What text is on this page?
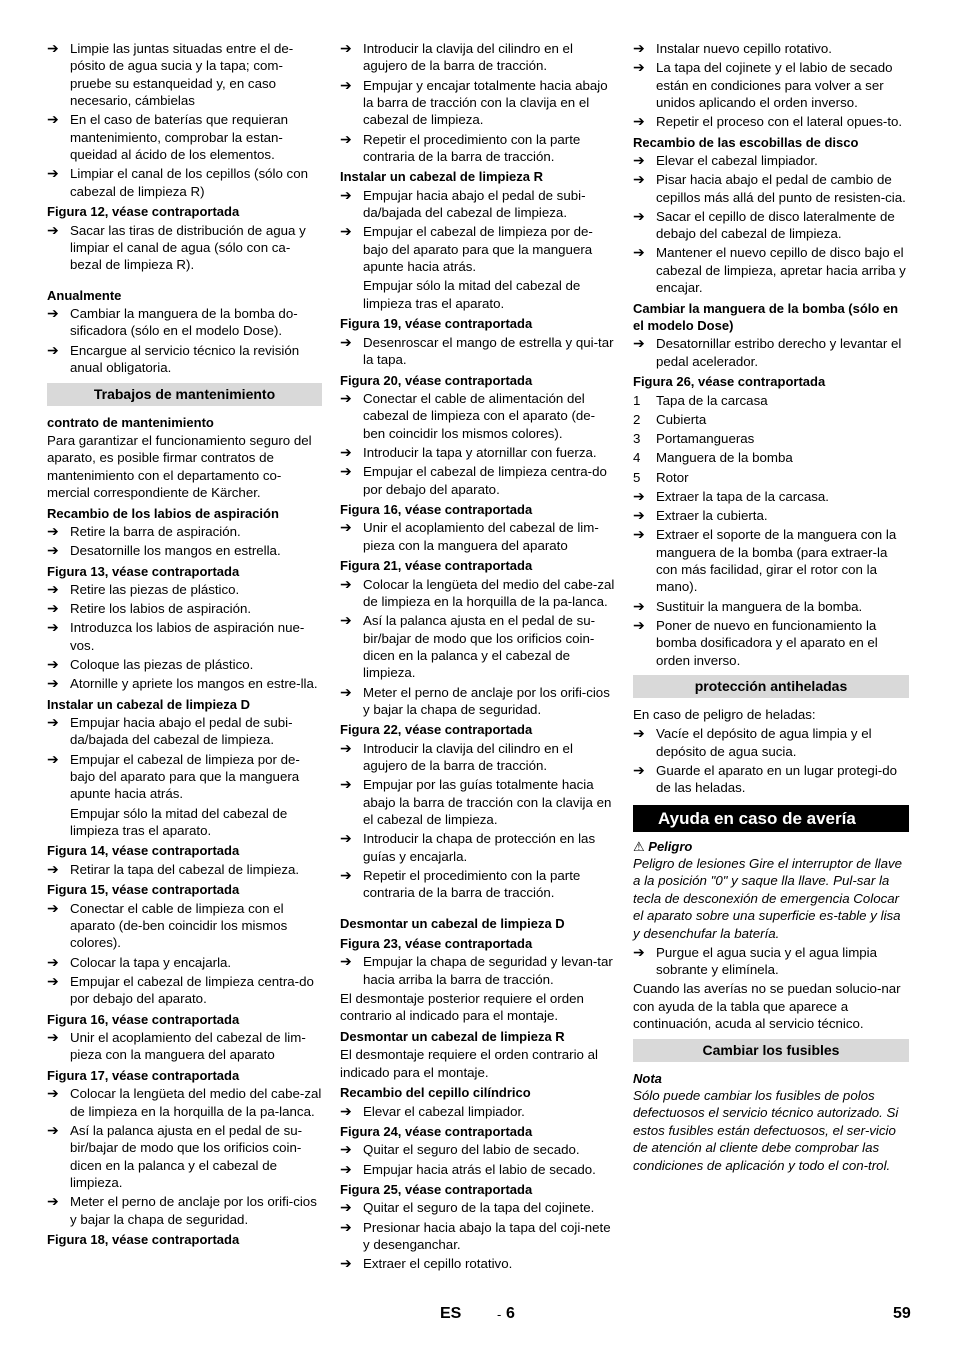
➔ Limpie las juntas situadas entre el de-pósito de agua sucia y la tapa; com-pruebe su estanqueidad y, en caso necesario, cámbielas
➔ En el caso de baterías que requieran mantenimiento, comprobar la estan-queidad al ácido de los elementos.
➔ Limpiar el canal de los cepillos (sólo con cabezal de limpieza R)
Figura 12, véase contraportada
➔ Sacar las tiras de distribución de agua y limpiar el canal de agua (sólo con ca-bezal de limpieza R).
Anualmente
➔ Cambiar la manguera de la bomba do-sificadora (sólo en el modelo Dose).
➔ Encargue al servicio técnico la revisión anual obligatoria.
Trabajos de mantenimiento
contrato de mantenimiento
Para garantizar el funcionamiento seguro del aparato, es posible firmar contratos de mantenimiento con el departamento co-mercial correspondiente de Kärcher.
Recambio de los labios de aspiración
➔ Retire la barra de aspiración.
➔ Desatornille los mangos en estrella.
Figura 13, véase contraportada
➔ Retire las piezas de plástico.
➔ Retire los labios de aspiración.
➔ Introduzca los labios de aspiración nue-vos.
➔ Coloque las piezas de plástico.
➔ Atornille y apriete los mangos en estre-lla.
Instalar un cabezal de limpieza D
➔ Empujar hacia abajo el pedal de subi-da/bajada del cabezal de limpieza.
➔ Empujar el cabezal de limpieza por de-bajo del aparato para que la manguera apunte hacia atrás.
Empujar sólo la mitad del cabezal de limpieza tras el aparato.
Figura 14, véase contraportada
➔ Retirar la tapa del cabezal de limpieza.
Figura 15, véase contraportada
➔ Conectar el cable de limpieza con el aparato (de-ben coincidir los mismos colores).
➔ Colocar la tapa y encajarla.
➔ Empujar el cabezal de limpieza centra-do por debajo del aparato.
Figura 16, véase contraportada
➔ Unir el acoplamiento del cabezal de lim-pieza con la manguera del aparato
Figura 17, véase contraportada
➔ Colocar la lengüeta del medio del cabe-zal de limpieza en la horquilla de la pa-lanca.
➔ Así la palanca ajusta en el pedal de su-bir/bajar de modo que los orificios coin-dicen en la palanca y el cabezal de limpieza.
➔ Meter el perno de anclaje por los orifi-cios y bajar la chapa de seguridad.
Figura 18, véase contraportada
➔ Introducir la clavija del cilindro en el agujero de la barra de tracción.
➔ Empujar y encajar totalmente hacia abajo la barra de tracción con la clavija en el cabezal de limpieza.
➔ Repetir el procedimiento con la parte contraria de la barra de tracción.
Instalar un cabezal de limpieza R
➔ Empujar hacia abajo el pedal de subi-da/bajada del cabezal de limpieza.
➔ Empujar el cabezal de limpieza por de-bajo del aparato para que la manguera apunte hacia atrás.
Empujar sólo la mitad del cabezal de limpieza tras el aparato.
Figura 19, véase contraportada
➔ Desenroscar el mango de estrella y qui-tar la tapa.
Figura 20, véase contraportada
➔ Conectar el cable de alimentación del cabezal de limpieza con el aparato (de-ben coincidir los mismos colores).
➔ Introducir la tapa y atornillar con fuerza.
➔ Empujar el cabezal de limpieza centra-do por debajo del aparato.
Figura 16, véase contraportada
➔ Unir el acoplamiento del cabezal de lim-pieza con la manguera del aparato
Figura 21, véase contraportada
➔ Colocar la lengüeta del medio del cabe-zal de limpieza en la horquilla de la pa-lanca.
➔ Así la palanca ajusta en el pedal de su-bir/bajar de modo que los orificios coin-dicen en la palanca y el cabezal de limpieza.
➔ Meter el perno de anclaje por los orifi-cios y bajar la chapa de seguridad.
Figura 22, véase contraportada
➔ Introducir la clavija del cilindro en el agujero de la barra de tracción.
➔ Empujar por las guías totalmente hacia abajo la barra de tracción con la clavija en el cabezal de limpieza.
➔ Introducir la chapa de protección en las guías y encajarla.
➔ Repetir el procedimiento con la parte contraria de la barra de tracción.
Desmontar un cabezal de limpieza D
Figura 23, véase contraportada
➔ Empujar la chapa de seguridad y levan-tar hacia arriba la barra de tracción.
El desmontaje posterior requiere el orden contrario al indicado para el montaje.
Desmontar un cabezal de limpieza R
El desmontaje requiere el orden contrario al indicado para el montaje.
Recambio del cepillo cilíndrico
➔ Elevar el cabezal limpiador.
Figura 24, véase contraportada
➔ Quitar el seguro del labio de secado.
➔ Empujar hacia atrás el labio de secado.
Figura 25, véase contraportada
➔ Quitar el seguro de la tapa del cojinete.
➔ Presionar hacia abajo la tapa del coji-nete y desenganchar.
➔ Extraer el cepillo rotativo.
➔ Instalar nuevo cepillo rotativo.
➔ La tapa del cojinete y el labio de secado están en condiciones para volver a ser unidos aplicando el orden inverso.
➔ Repetir el proceso con el lateral opues-to.
Recambio de las escobillas de disco
➔ Elevar el cabezal limpiador.
➔ Pisar hacia abajo el pedal de cambio de cepillos más allá del punto de resisten-cia.
➔ Sacar el cepillo de disco lateralmente de debajo del cabezal de limpieza.
➔ Mantener el nuevo cepillo de disco bajo el cabezal de limpieza, apretar hacia arriba y encajar.
Cambiar la manguera de la bomba (sólo en el modelo Dose)
➔ Desatornillar estribo derecho y levantar el pedal acelerador.
Figura 26, véase contraportada
1	Tapa de la carcasa
2	Cubierta
3	Portamangueras
4	Manguera de la bomba
5	Rotor
➔ Extraer la tapa de la carcasa.
➔ Extraer la cubierta.
➔ Extraer el soporte de la manguera con la manguera de la bomba (para extraer-la con más facilidad, girar el rotor con la mano).
➔ Sustituir la manguera de la bomba.
➔ Poner de nuevo en funcionamiento la bomba dosificadora y el aparato en el orden inverso.
protección antiheladas
En caso de peligro de heladas:
➔ Vacíe el depósito de agua limpia y el depósito de agua sucia.
➔ Guarde el aparato en un lugar protegi-do de las heladas.
Ayuda en caso de avería
⚠ Peligro
Peligro de lesiones Gire el interruptor de llave a la posición "0" y saque lla llave. Pul-sar la tecla de desconexión de emergencia Colocar el aparato sobre una superficie es-table y lisa y desenchufar la batería.
➔ Purgue el agua sucia y el agua limpia sobrante y elimínela.
Cuando las averías no se puedan solucio-nar con ayuda de la tabla que aparece a continuación, acuda al servicio técnico.
Cambiar los fusibles
Nota
Sólo puede cambiar los fusibles de polos defectuosos el servicio técnico autorizado. Si estos fusibles están defectuosos, el ser-vicio de atención al cliente debe comprobar las condiciones de aplicación y todo el con-trol.
ES	- 6	59
